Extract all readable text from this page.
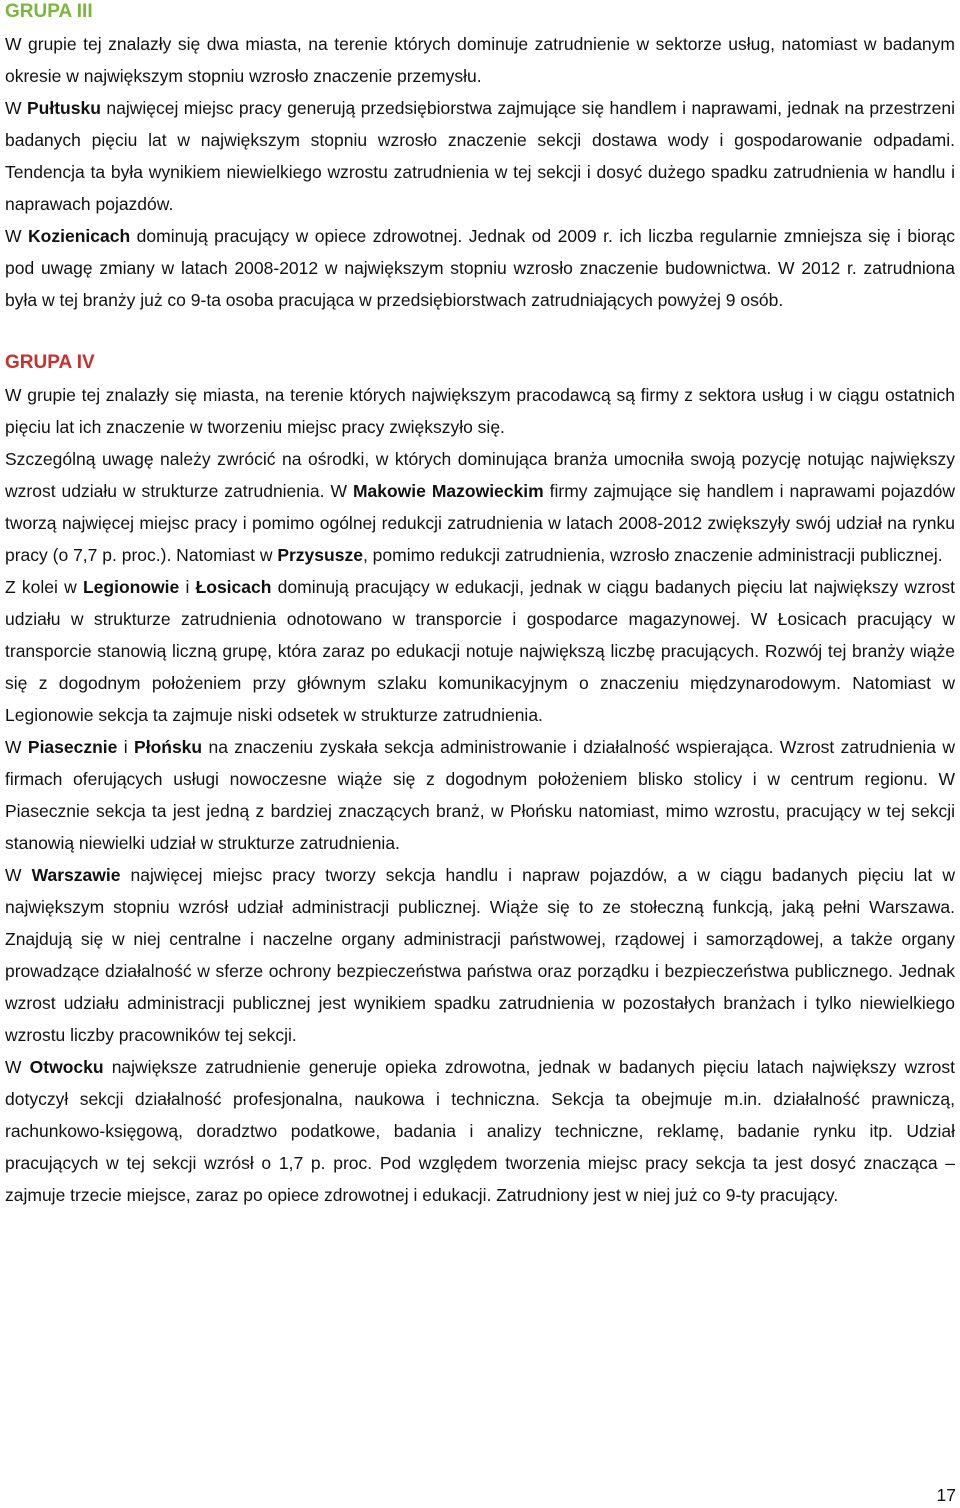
GRUPA III

W grupie tej znalazły się dwa miasta, na terenie których dominuje zatrudnienie w sektorze usług, natomiast w badanym okresie w największym stopniu wzrosło znaczenie przemysłu.

W Pułtusku najwięcej miejsc pracy generują przedsiębiorstwa zajmujące się handlem i naprawami, jednak na przestrzeni badanych pięciu lat w największym stopniu wzrosło znaczenie sekcji dostawa wody i gospodarowanie odpadami. Tendencja ta była wynikiem niewielkiego wzrostu zatrudnienia w tej sekcji i dosyć dużego spadku zatrudnienia w handlu i naprawach pojazdów.

W Kozienicach dominują pracujący w opiece zdrowotnej. Jednak od 2009 r. ich liczba regularnie zmniejsza się i biorąc pod uwagę zmiany w latach 2008-2012 w największym stopniu wzrosło znaczenie budownictwa. W 2012 r. zatrudniona była w tej branży już co 9-ta osoba pracująca w przedsiębiorstwach zatrudniających powyżej 9 osób.

GRUPA IV

W grupie tej znalazły się miasta, na terenie których największym pracodawcą są firmy z sektora usług i w ciągu ostatnich pięciu lat ich znaczenie w tworzeniu miejsc pracy zwiększyło się.

Szczególną uwagę należy zwrócić na ośrodki, w których dominująca branża umocniła swoją pozycję notując największy wzrost udziału w strukturze zatrudnienia. W Makowie Mazowieckim firmy zajmujące się handlem i naprawami pojazdów tworzą najwięcej miejsc pracy i pomimo ogólnej redukcji zatrudnienia w latach 2008-2012 zwiększyły swój udział na rynku pracy (o 7,7 p. proc.). Natomiast w Przysusze, pomimo redukcji zatrudnienia, wzrosło znaczenie administracji publicznej.

Z kolei w Legionowie i Łosicach dominują pracujący w edukacji, jednak w ciągu badanych pięciu lat największy wzrost udziału w strukturze zatrudnienia odnotowano w transporcie i gospodarce magazynowej. W Łosicach pracujący w transporcie stanowią liczną grupę, która zaraz po edukacji notuje największą liczbę pracujących. Rozwój tej branży wiąże się z dogodnym położeniem przy głównym szlaku komunikacyjnym o znaczeniu międzynarodowym. Natomiast w Legionowie sekcja ta zajmuje niski odsetek w strukturze zatrudnienia.

W Piasecznie i Płońsku na znaczeniu zyskała sekcja administrowanie i działalność wspierająca. Wzrost zatrudnienia w firmach oferujących usługi nowoczesne wiąże się z dogodnym położeniem blisko stolicy i w centrum regionu. W Piasecznie sekcja ta jest jedną z bardziej znaczących branż, w Płońsku natomiast, mimo wzrostu, pracujący w tej sekcji stanowią niewielki udział w strukturze zatrudnienia.

W Warszawie najwięcej miejsc pracy tworzy sekcja handlu i napraw pojazdów, a w ciągu badanych pięciu lat w największym stopniu wzrósł udział administracji publicznej. Wiąże się to ze stołeczną funkcją, jaką pełni Warszawa. Znajdują się w niej centralne i naczelne organy administracji państwowej, rządowej i samorządowej, a także organy prowadzące działalność w sferze ochrony bezpieczeństwa państwa oraz porządku i bezpieczeństwa publicznego. Jednak wzrost udziału administracji publicznej jest wynikiem spadku zatrudnienia w pozostałych branżach i tylko niewielkiego wzrostu liczby pracowników tej sekcji.

W Otwocku największe zatrudnienie generuje opieka zdrowotna, jednak w badanych pięciu latach największy wzrost dotyczył sekcji działalność profesjonalna, naukowa i techniczna. Sekcja ta obejmuje m.in. działalność prawniczą, rachunkowo-księgową, doradztwo podatkowe, badania i analizy techniczne, reklamę, badanie rynku itp. Udział pracujących w tej sekcji wzrósł o 1,7 p. proc. Pod względem tworzenia miejsc pracy sekcja ta jest dosyć znacząca – zajmuje trzecie miejsce, zaraz po opiece zdrowotnej i edukacji. Zatrudniony jest w niej już co 9-ty pracujący.

17
